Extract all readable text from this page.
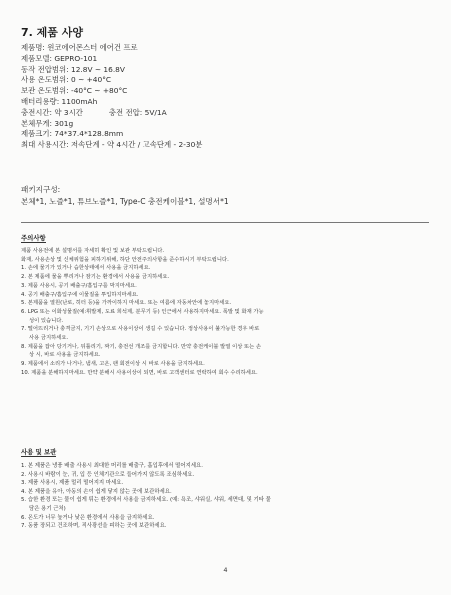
7. 제품 사양
제품명: 윈코에어몬스터 에어건 프로
제품모델: GEPRO-101
동작 전압범위: 12.8V ~ 16.8V
사용 온도범위: 0 ~ +40°C
보관 온도범위: -40°C ~ +80°C
배터리용량: 1100mAh
충전시간: 약 3시간	충전 전압: 5V/1A
본체무게: 301g
제품크기: 74*37.4*128.8mm
최대 사용시간: 저속단계 - 약 4시간 / 고속단계 - 2-30분
패키지구성:
본체*1, 노즐*1, 튜브노즐*1, Type-C 충전케이블*1, 설명서*1
주의사항
제품 사용전에 본 설명서를 자세히 확인 및 보관 부탁드립니다.
화재, 사용손상 및 신체위험을 피하기위해, 하단 안전주의사항을 준수하시기 부탁드립니다.
1. 손에 물기가 있거나 습한상태에서 사용을 금지하세요.
2. 본 제품에 물을 뿌리거나 잠기는 환경에서 사용을 금지하세요.
3. 제품 사용시, 공기 배출구/흡입구를 막지마세요.
4. 공기 배출구/흡입구에 이물질을 투입하지마세요.
5. 본제품을 열원(난로, 히터 등)을 가까이하지 마세요. 또는 여름에 자동차안에 놓지마세요.
6. LPG 또는 이화성물질(예:휘발제, 도료 희석제, 분무기 등) 인근에서 사용하지마세요. 폭발 및 화재 가능
성이 있습니다.
7. 떨어뜨리거나 충격금지, 기기 손상으로 사용이상이 생길 수 있습니다. 정상사용이 불가능한 경우 바로
사용 금지하세요.
8. 제품을 잡아 당기거나, 뒤틀리기, 짜기, 충전선 개조를 금지합니다. 만약 충전케이블 발열 이상 또는 손
상 시, 바로 사용을 금지하세요.
9. 제품에서 소리가 나거나, 냄새, 고온, 팬 회전이상 시 바로 사용을 금지하세요.
10. 제품을 분해하지마세요. 만약 분해시 사용이상이 되면, 바로 고객센터로 연락하여 회수 수리하세요.
사용 및 보관
1. 본 제품은 냉풍 배출 사용시 최대한 머리를 배출구, 흡입후에서 떨어지세요.
2. 사용시 바람이 눈, 귀, 입 등 인체기관으로 들어가지 않도록 조심하세요.
3. 제품 사용시, 제품 멀리 떨어지지 마세요.
4. 본 제품을 유아, 아동의 손이 쉽게 닿지 않는 곳에 보관하세요.
5. 습한 환경 또는 물이 쉽게 튀는 환경에서 사용을 금지하세요. (예: 욕조, 샤워실, 샤워, 세면대, 및 기타 물
담은 용기 근처)
6. 온도가 너무 높거나 낮은 환경에서 사용을 금지하세요.
7. 동품 장되고 건조하며, 직사광선을 피하는 곳에 보관하세요.
4
